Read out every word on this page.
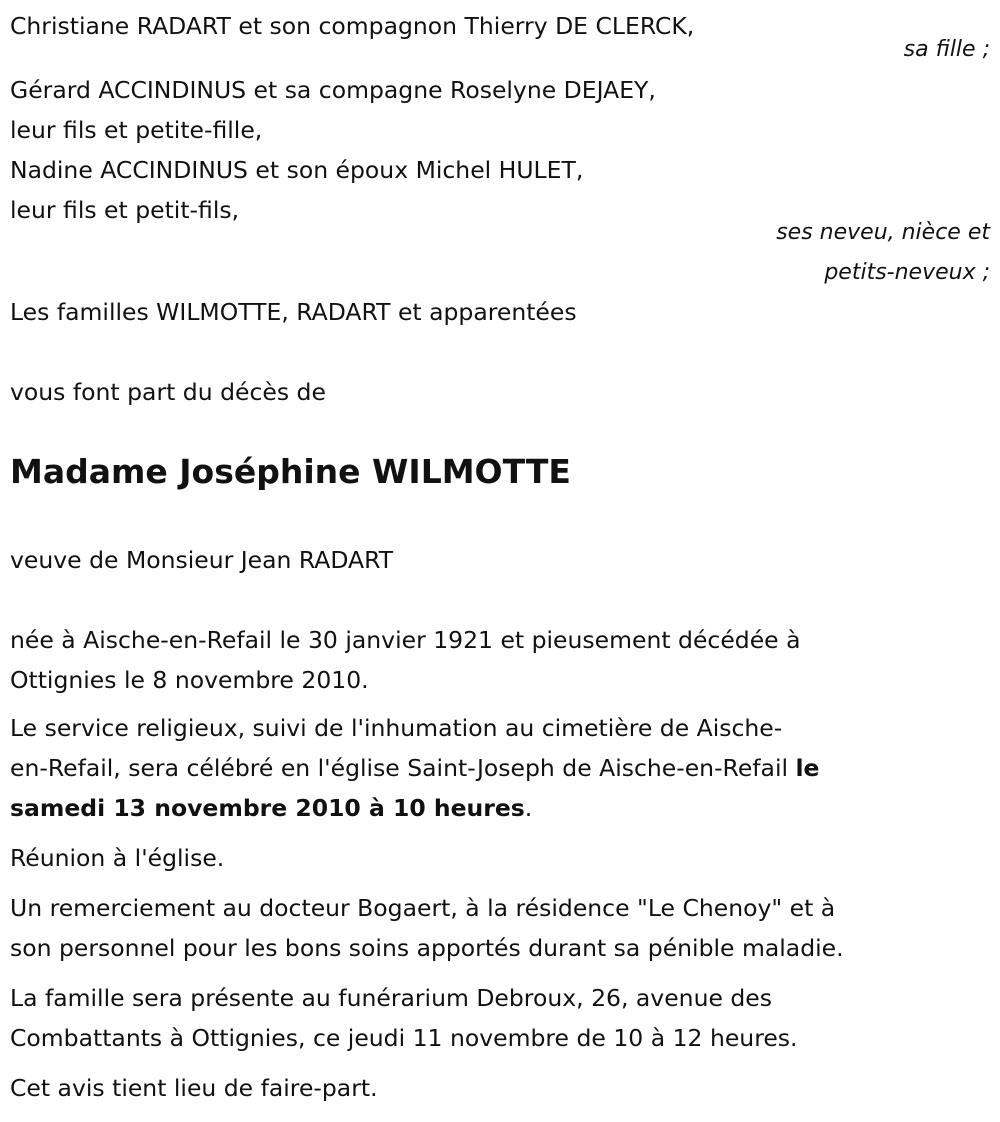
Christiane RADART et son compagnon Thierry DE CLERCK,
sa fille ;
Gérard ACCINDINUS et sa compagne Roselyne DEJAEY,
leur fils et petite-fille,
Nadine ACCINDINUS et son époux Michel HULET,
leur fils et petit-fils,
ses neveu, nièce et
petits-neveux ;
Les familles WILMOTTE, RADART et apparentées
vous font part du décès de
Madame Joséphine WILMOTTE
veuve de Monsieur Jean RADART
née à Aische-en-Refail le 30 janvier 1921 et pieusement décédée à
Ottignies le 8 novembre 2010.
Le service religieux, suivi de l'inhumation au cimetière de Aische-
en-Refail, sera célébré en l'église Saint-Joseph de Aische-en-Refail le
samedi 13 novembre 2010 à 10 heures.
Réunion à l'église.
Un remerciement au docteur Bogaert, à la résidence "Le Chenoy" et à
son personnel pour les bons soins apportés durant sa pénible maladie.
La famille sera présente au funérarium Debroux, 26, avenue des
Combattants à Ottignies, ce jeudi 11 novembre de 10 à 12 heures.
Cet avis tient lieu de faire-part.
